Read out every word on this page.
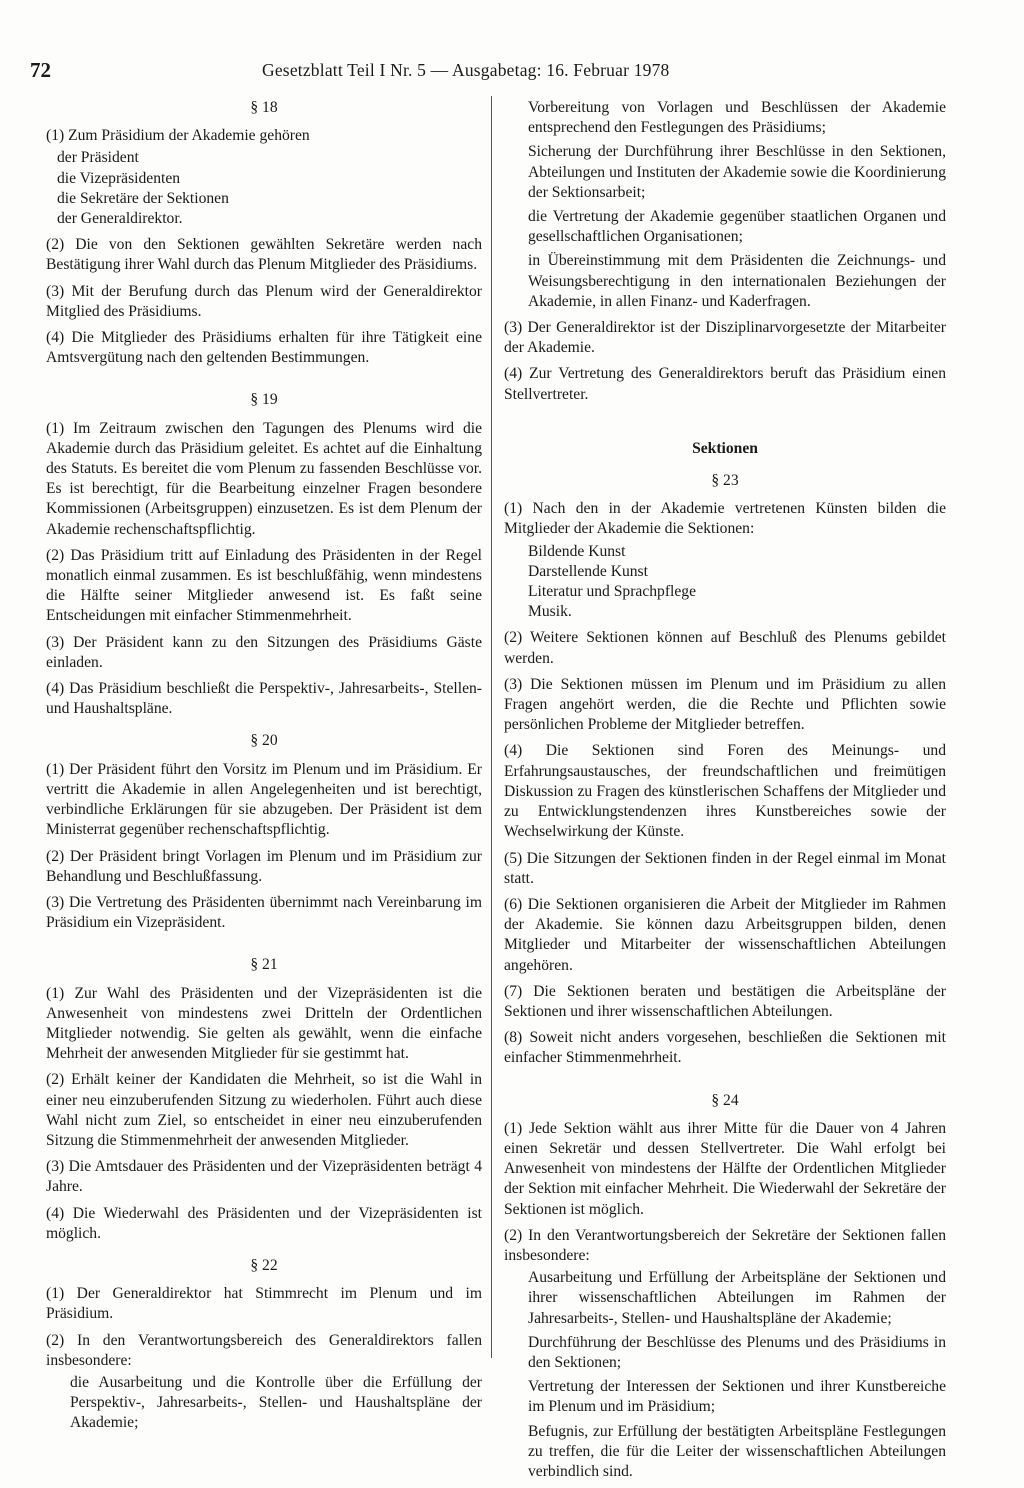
72	Gesetzblatt Teil I Nr. 5 — Ausgabetag: 16. Februar 1978
§ 18

(1) Zum Präsidium der Akademie gehören

der Präsident

die Vizepräsidenten

die Sekretäre der Sektionen

der Generaldirektor.

(2) Die von den Sektionen gewählten Sekretäre werden nach Bestätigung ihrer Wahl durch das Plenum Mitglieder des Präsidiums.

(3) Mit der Berufung durch das Plenum wird der Generaldirektor Mitglied des Präsidiums.

(4) Die Mitglieder des Präsidiums erhalten für ihre Tätigkeit eine Amtsvergütung nach den geltenden Bestimmungen.

§ 19

(1) Im Zeitraum zwischen den Tagungen des Plenums wird die Akademie durch das Präsidium geleitet. Es achtet auf die Einhaltung des Statuts. Es bereitet die vom Plenum zu fassenden Beschlüsse vor. Es ist berechtigt, für die Bearbeitung einzelner Fragen besondere Kommissionen (Arbeitsgruppen) einzusetzen. Es ist dem Plenum der Akademie rechenschaftspflichtig.

(2) Das Präsidium tritt auf Einladung des Präsidenten in der Regel monatlich einmal zusammen. Es ist beschlußfähig, wenn mindestens die Hälfte seiner Mitglieder anwesend ist. Es faßt seine Entscheidungen mit einfacher Stimmenmehrheit.

(3) Der Präsident kann zu den Sitzungen des Präsidiums Gäste einladen.

(4) Das Präsidium beschließt die Perspektiv-, Jahresarbeits-, Stellen- und Haushaltspläne.

§ 20

(1) Der Präsident führt den Vorsitz im Plenum und im Präsidium. Er vertritt die Akademie in allen Angelegenheiten und ist berechtigt, verbindliche Erklärungen für sie abzugeben. Der Präsident ist dem Ministerrat gegenüber rechenschaftspflichtig.

(2) Der Präsident bringt Vorlagen im Plenum und im Präsidium zur Behandlung und Beschlußfassung.

(3) Die Vertretung des Präsidenten übernimmt nach Vereinbarung im Präsidium ein Vizepräsident.

§ 21

(1) Zur Wahl des Präsidenten und der Vizepräsidenten ist die Anwesenheit von mindestens zwei Dritteln der Ordentlichen Mitglieder notwendig. Sie gelten als gewählt, wenn die einfache Mehrheit der anwesenden Mitglieder für sie gestimmt hat.

(2) Erhält keiner der Kandidaten die Mehrheit, so ist die Wahl in einer neu einzuberufenden Sitzung zu wiederholen. Führt auch diese Wahl nicht zum Ziel, so entscheidet in einer neu einzuberufenden Sitzung die Stimmenmehrheit der anwesenden Mitglieder.

(3) Die Amtsdauer des Präsidenten und der Vizepräsidenten beträgt 4 Jahre.

(4) Die Wiederwahl des Präsidenten und der Vizepräsidenten ist möglich.

§ 22

(1) Der Generaldirektor hat Stimmrecht im Plenum und im Präsidium.

(2) In den Verantwortungsbereich des Generaldirektors fallen insbesondere:

die Ausarbeitung und die Kontrolle über die Erfüllung der Perspektiv-, Jahresarbeits-, Stellen- und Haushaltspläne der Akademie;

Vorbereitung von Vorlagen und Beschlüssen der Akademie entsprechend den Festlegungen des Präsidiums;

Sicherung der Durchführung ihrer Beschlüsse in den Sektionen, Abteilungen und Instituten der Akademie sowie die Koordinierung der Sektionsarbeit;

die Vertretung der Akademie gegenüber staatlichen Organen und gesellschaftlichen Organisationen;

in Übereinstimmung mit dem Präsidenten die Zeichnungs- und Weisungsberechtigung in den internationalen Beziehungen der Akademie, in allen Finanz- und Kaderfragen.

(3) Der Generaldirektor ist der Disziplinarvorgesetzte der Mitarbeiter der Akademie.

(4) Zur Vertretung des Generaldirektors beruft das Präsidium einen Stellvertreter.

Sektionen
§ 23

(1) Nach den in der Akademie vertretenen Künsten bilden die Mitglieder der Akademie die Sektionen:

Bildende Kunst

Darstellende Kunst

Literatur und Sprachpflege

Musik.

(2) Weitere Sektionen können auf Beschluß des Plenums gebildet werden.

(3) Die Sektionen müssen im Plenum und im Präsidium zu allen Fragen angehört werden, die die Rechte und Pflichten sowie persönlichen Probleme der Mitglieder betreffen.

(4) Die Sektionen sind Foren des Meinungs- und Erfahrungsaustausches, der freundschaftlichen und freimütigen Diskussion zu Fragen des künstlerischen Schaffens der Mitglieder und zu Entwicklungstendenzen ihres Kunstbereiches sowie der Wechselwirkung der Künste.

(5) Die Sitzungen der Sektionen finden in der Regel einmal im Monat statt.

(6) Die Sektionen organisieren die Arbeit der Mitglieder im Rahmen der Akademie. Sie können dazu Arbeitsgruppen bilden, denen Mitglieder und Mitarbeiter der wissenschaftlichen Abteilungen angehören.

(7) Die Sektionen beraten und bestätigen die Arbeitspläne der Sektionen und ihrer wissenschaftlichen Abteilungen.

(8) Soweit nicht anders vorgesehen, beschließen die Sektionen mit einfacher Stimmenmehrheit.

§ 24

(1) Jede Sektion wählt aus ihrer Mitte für die Dauer von 4 Jahren einen Sekretär und dessen Stellvertreter. Die Wahl erfolgt bei Anwesenheit von mindestens der Hälfte der Ordentlichen Mitglieder der Sektion mit einfacher Mehrheit. Die Wiederwahl der Sekretäre der Sektionen ist möglich.

(2) In den Verantwortungsbereich der Sekretäre der Sektionen fallen insbesondere:

Ausarbeitung und Erfüllung der Arbeitspläne der Sektionen und ihrer wissenschaftlichen Abteilungen im Rahmen der Jahresarbeits-, Stellen- und Haushaltspläne der Akademie;

Durchführung der Beschlüsse des Plenums und des Präsidiums in den Sektionen;

Vertretung der Interessen der Sektionen und ihrer Kunstbereiche im Plenum und im Präsidium;

Befugnis, zur Erfüllung der bestätigten Arbeitspläne Festlegungen zu treffen, die für die Leiter der wissenschaftlichen Abteilungen verbindlich sind.
